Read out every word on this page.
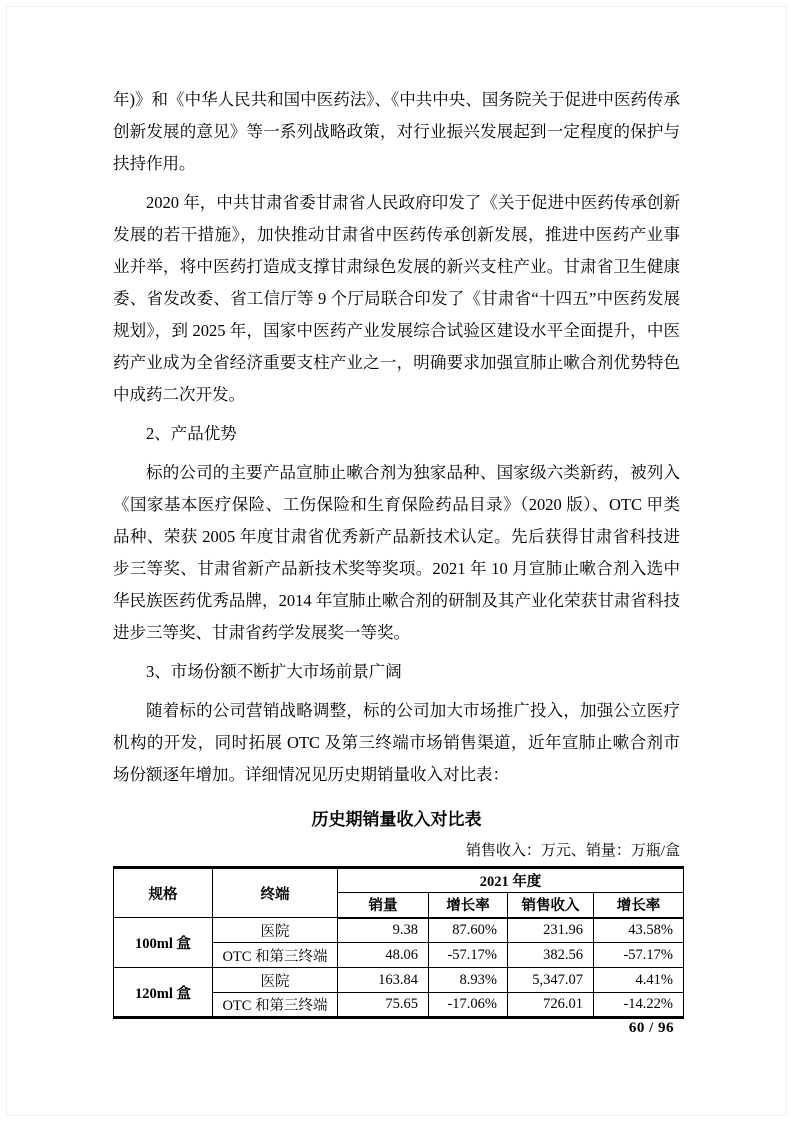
年)》和《中华人民共和国中医药法》、《中共中央、国务院关于促进中医药传承创新发展的意见》等一系列战略政策，对行业振兴发展起到一定程度的保护与扶持作用。

2020 年，中共甘肃省委甘肃省人民政府印发了《关于促进中医药传承创新发展的若干措施》，加快推动甘肃省中医药传承创新发展，推进中医药产业事业并举，将中医药打造成支撑甘肃绿色发展的新兴支柱产业。甘肃省卫生健康委、省发改委、省工信厅等 9 个厅局联合印发了《甘肃省“十四五”中医药发展规划》，到 2025 年，国家中医药产业发展综合试验区建设水平全面提升，中医药产业成为全省经济重要支柱产业之一，明确要求加强宣肺止嗽合剂优势特色中成药二次开发。

2、产品优势

标的公司的主要产品宣肺止嗽合剂为独家品种、国家级六类新药，被列入《国家基本医疗保险、工伤保险和生育保险药品目录》（2020 版）、OTC 甲类品种、荣获 2005 年度甘肃省优秀新产品新技术认定。先后获得甘肃省科技进步三等奖、甘肃省新产品新技术奖等奖项。2021 年 10 月宣肺止嗽合剂入选中华民族医药优秀品牌，2014 年宣肺止嗽合剂的研制及其产业化荣获甘肃省科技进步三等奖、甘肃省药学发展奖一等奖。

3、市场份额不断扩大市场前景广阔

随着标的公司营销战略调整，标的公司加大市场推广投入，加强公立医疗机构的开发，同时拓展 OTC 及第三终端市场销售渠道，近年宣肺止嗽合剂市场份额逐年增加。详细情况见历史期销量收入对比表：

历史期销量收入对比表
销售收入：万元、销量：万瓶/盒
规格	终端	2021 年度			
		销量	增长率	销售收入	增长率
100ml 盒	医院	9.38	87.60%	231.96	43.58%
	OTC 和第三终端	48.06	-57.17%	382.56	-57.17%
120ml 盒	医院	163.84	8.93%	5,347.07	4.41%
	OTC 和第三终端	75.65	-17.06%	726.01	-14.22%
60 / 96
